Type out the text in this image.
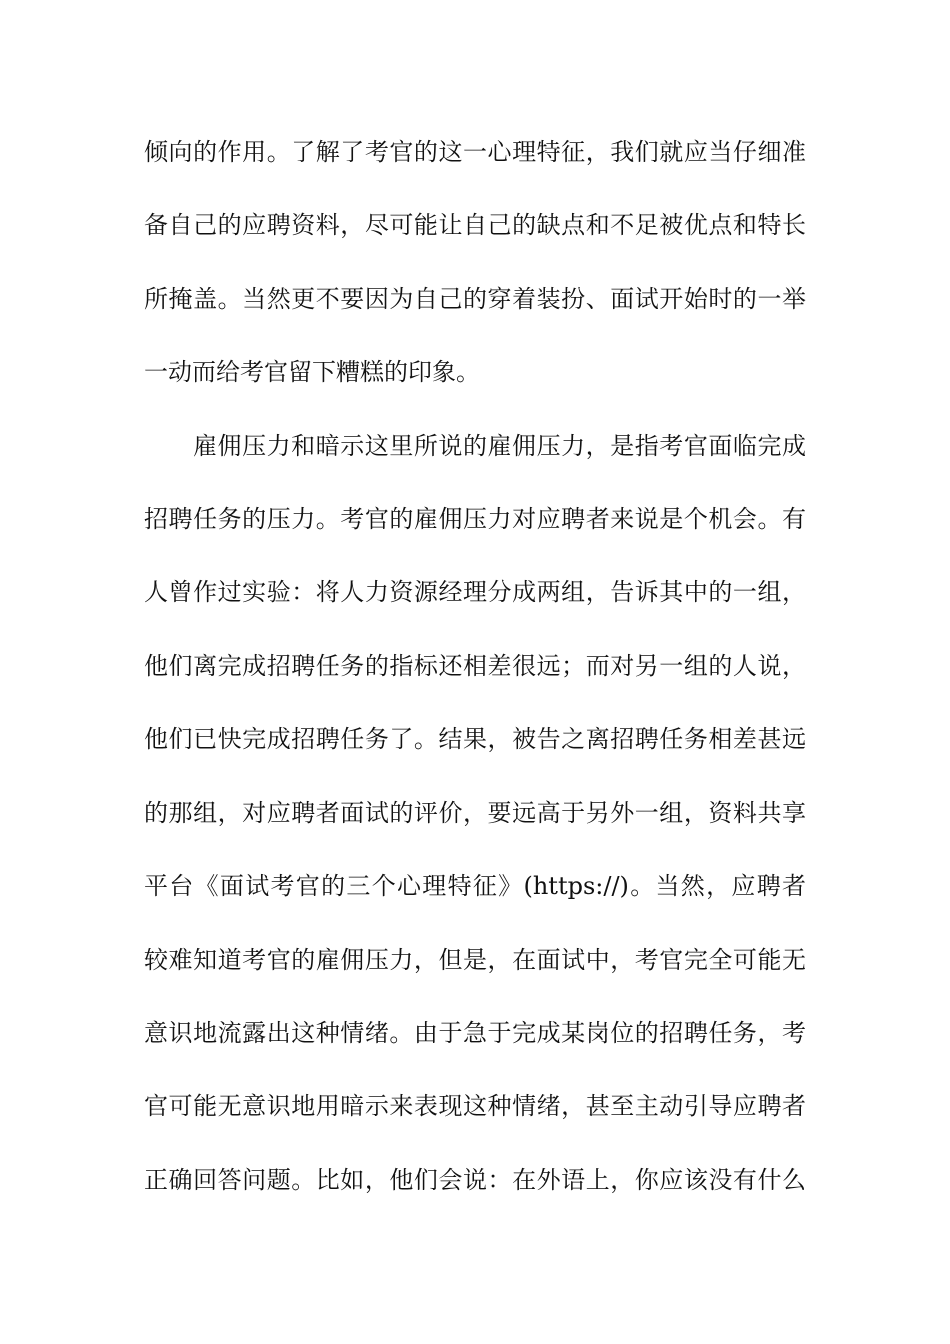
倾向的作用。了解了考官的这一心理特征，我们就应当仔细准
备自己的应聘资料，尽可能让自己的缺点和不足被优点和特长
所掩盖。当然更不要因为自己的穿着装扮、面试开始时的一举
一动而给考官留下糟糕的印象。
雇佣压力和暗示这里所说的雇佣压力，是指考官面临完成
招聘任务的压力。考官的雇佣压力对应聘者来说是个机会。有
人曾作过实验：将人力资源经理分成两组，告诉其中的一组，
他们离完成招聘任务的指标还相差很远；而对另一组的人说，
他们已快完成招聘任务了。结果，被告之离招聘任务相差甚远
的那组，对应聘者面试的评价，要远高于另外一组，资料共享
平台《面试考官的三个心理特征》(https://)。当然，应聘者
较难知道考官的雇佣压力，但是，在面试中，考官完全可能无
意识地流露出这种情绪。由于急于完成某岗位的招聘任务，考
官可能无意识地用暗示来表现这种情绪，甚至主动引导应聘者
正确回答问题。比如，他们会说：在外语上，你应该没有什么
